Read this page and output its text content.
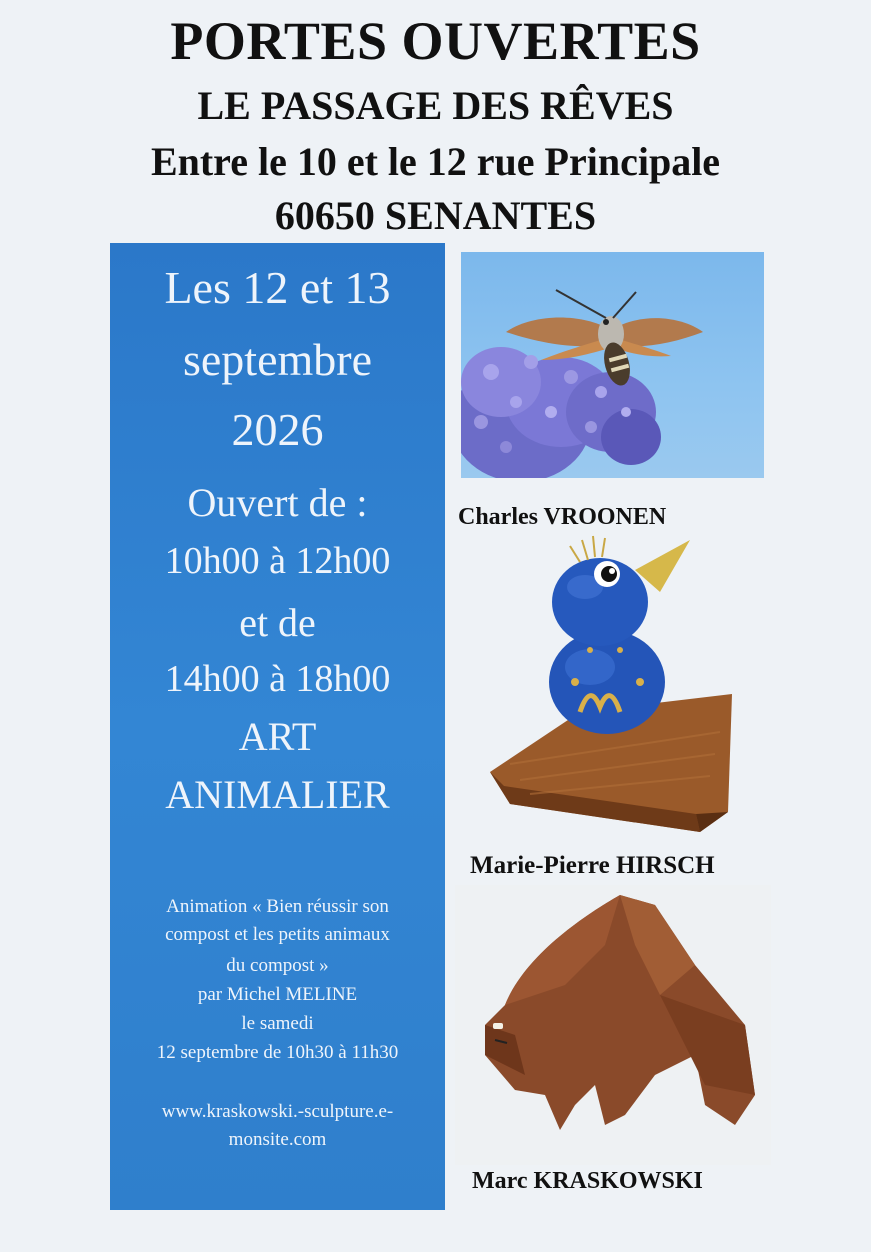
PORTES OUVERTES
LE PASSAGE DES RÊVES
Entre le 10 et le 12 rue Principale
60650 SENANTES
Les 12 et 13
septembre
2026
Ouvert de :
10h00 à 12h00
et de
14h00 à 18h00
ART
ANIMALIER
Animation « Bien réussir son
compost et les petits animaux
du compost »
par Michel MELINE
le samedi
12 septembre de 10h30 à 11h30
www.kraskowski.-sculpture.e-
monsite.com
Charles VROONEN
Marie-Pierre HIRSCH
Marc KRASKOWSKI
